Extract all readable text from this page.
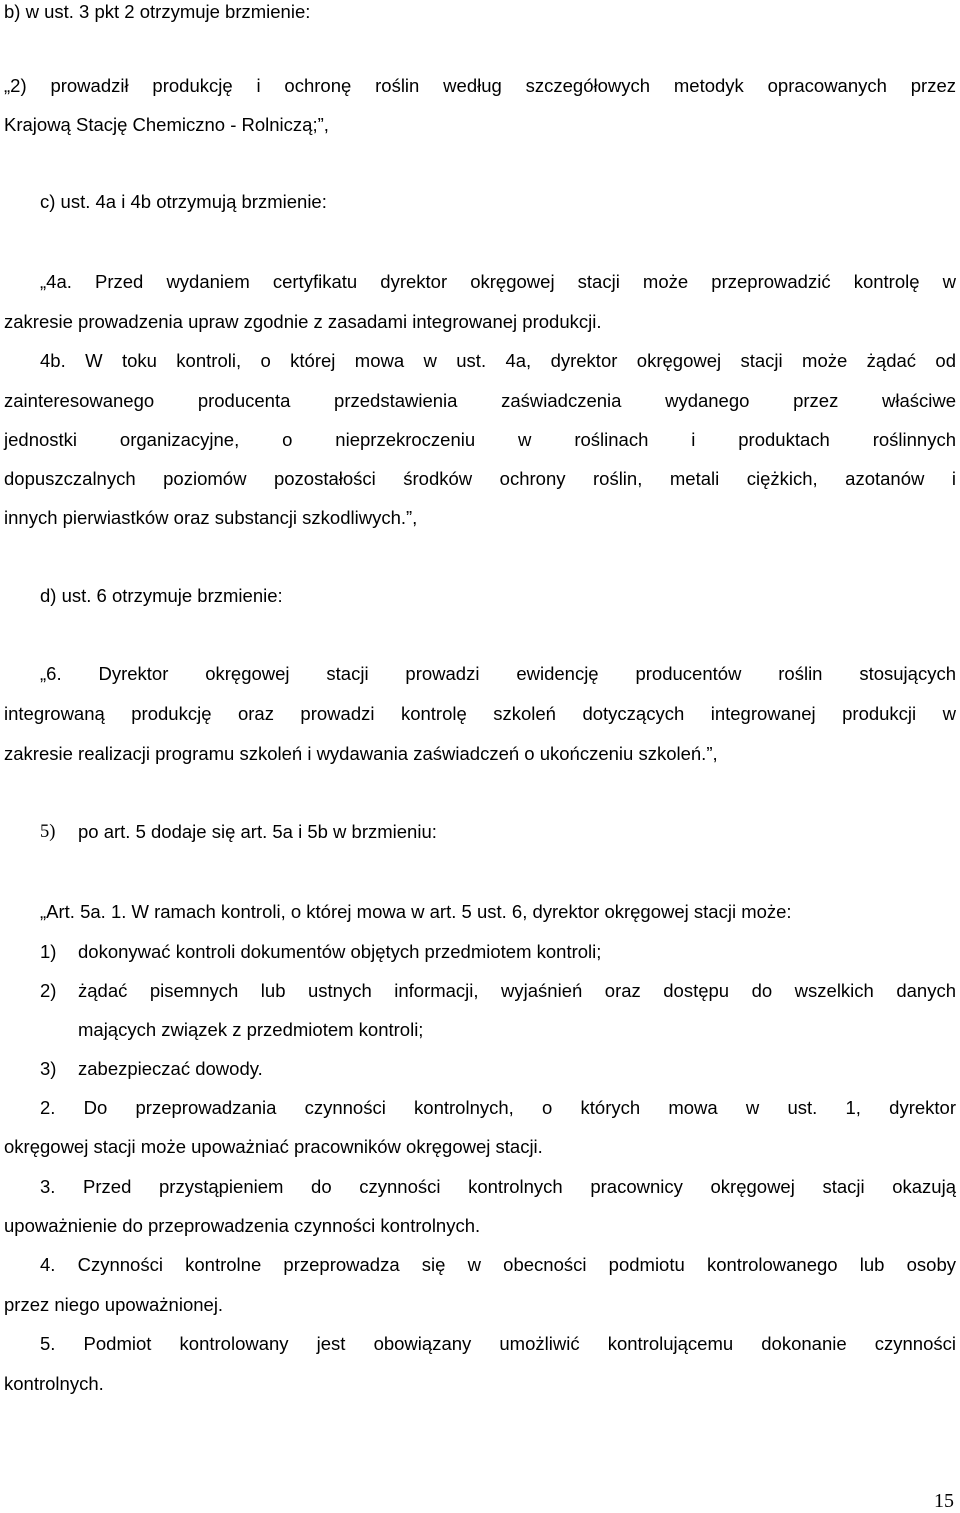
b) w ust. 3 pkt 2 otrzymuje brzmienie:
„2) prowadził produkcję i ochronę roślin według szczegółowych metodyk opracowanych przez
Krajową Stację Chemiczno - Rolniczą;”,
c) ust. 4a i 4b otrzymują brzmienie:
„4a. Przed wydaniem certyfikatu dyrektor okręgowej stacji może przeprowadzić kontrolę w
zakresie prowadzenia upraw zgodnie z zasadami integrowanej produkcji.
4b. W toku kontroli, o której mowa w ust. 4a, dyrektor okręgowej stacji może żądać od
zainteresowanego producenta przedstawienia zaświadczenia wydanego przez właściwe
jednostki organizacyjne, o nieprzekroczeniu w roślinach i produktach roślinnych
dopuszczalnych poziomów pozostałości środków ochrony roślin, metali ciężkich, azotanów i
innych pierwiastków oraz substancji szkodliwych.”,
d) ust. 6 otrzymuje brzmienie:
„6. Dyrektor okręgowej stacji prowadzi ewidencję producentów roślin stosujących
integrowaną produkcję oraz prowadzi kontrolę szkoleń dotyczących integrowanej produkcji w
zakresie realizacji programu szkoleń i wydawania zaświadczeń o ukończeniu szkoleń.”,
5) po art. 5 dodaje się art. 5a i 5b w brzmieniu:
„Art. 5a. 1. W ramach kontroli, o której mowa w art. 5 ust. 6, dyrektor okręgowej stacji może:
1) dokonywać kontroli dokumentów objętych przedmiotem kontroli;
2) żądać pisemnych lub ustnych informacji, wyjaśnień oraz dostępu do wszelkich danych
mających związek z przedmiotem kontroli;
3) zabezpieczać dowody.
2. Do przeprowadzania czynności kontrolnych, o których mowa w ust. 1, dyrektor
okręgowej stacji może upoważniać pracowników okręgowej stacji.
3. Przed przystąpieniem do czynności kontrolnych pracownicy okręgowej stacji okazują
upoważnienie do przeprowadzenia czynności kontrolnych.
4. Czynności kontrolne przeprowadza się w obecności podmiotu kontrolowanego lub osoby
przez niego upoważnionej.
5. Podmiot kontrolowany jest obowiązany umożliwić kontrolującemu dokonanie czynności
kontrolnych.
15
